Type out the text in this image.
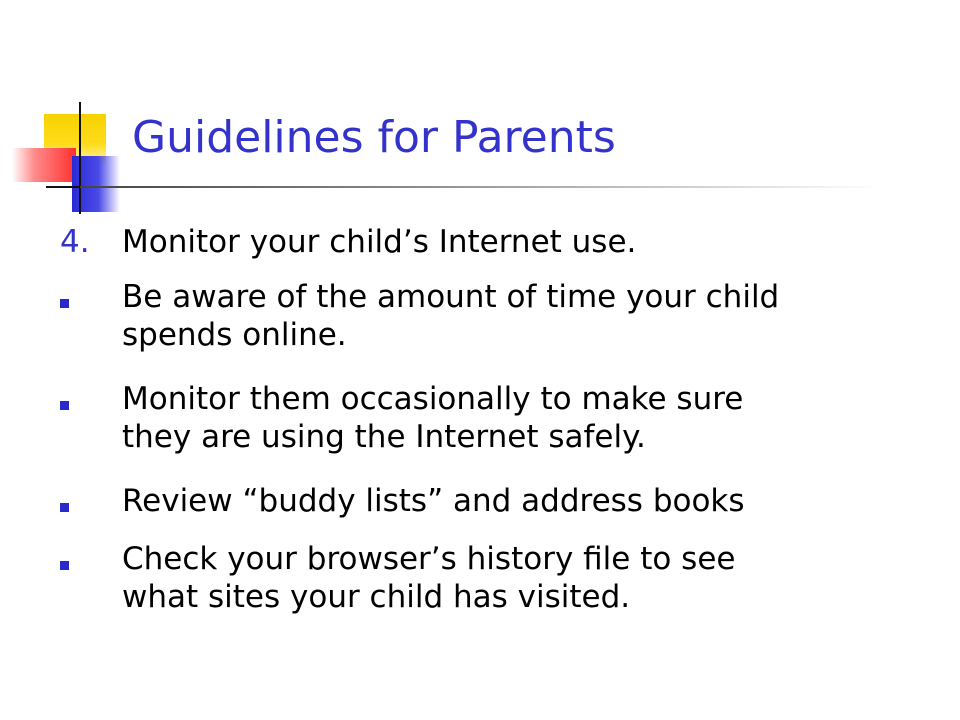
Guidelines for Parents
4. Monitor your child’s Internet use.
Be aware of the amount of time your child
spends online.
Monitor them occasionally to make sure
they are using the Internet safely.
Review “buddy lists” and address books
Check your browser’s history file to see
what sites your child has visited.
